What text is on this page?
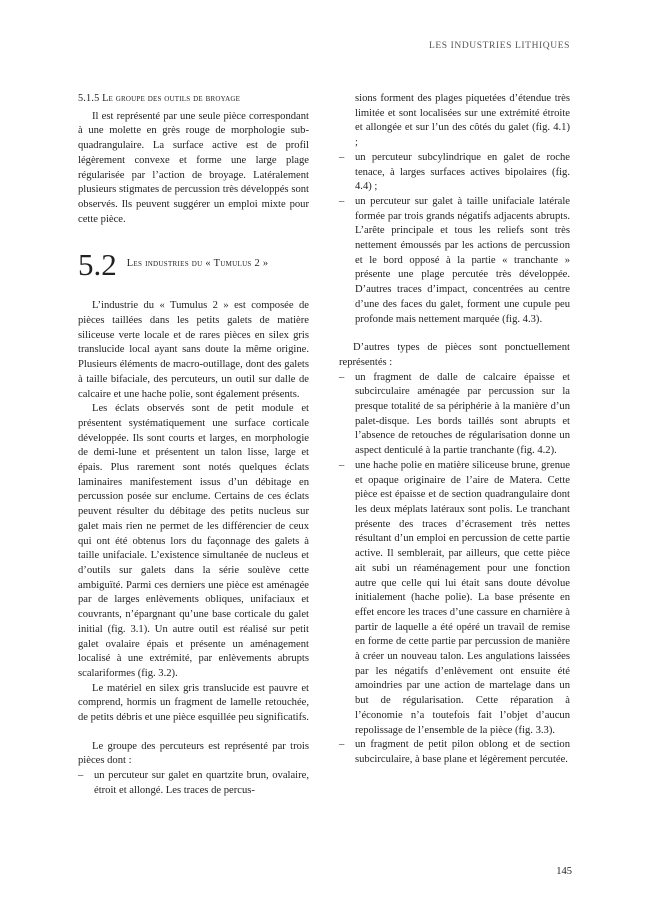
LES INDUSTRIES LITHIQUES

5.1.5 Le groupe des outils de broyage

Il est représenté par une seule pièce correspondant à une molette en grès rouge de morphologie sub-quadrangulaire. La surface active est de profil légèrement convexe et forme une large plage régularisée par l’action de broyage. Latéralement plusieurs stigmates de percussion très développés sont observés. Ils peuvent suggérer un emploi mixte pour cette pièce.

5.2 Les industries du « Tumulus 2 »

L’industrie du « Tumulus 2 » est composée de pièces taillées dans les petits galets de matière siliceuse verte locale et de rares pièces en silex gris translucide local ayant sans doute la même origine. Plusieurs éléments de macro-outillage, dont des galets à taille bifaciale, des percuteurs, un outil sur dalle de calcaire et une hache polie, sont également présents.

Les éclats observés sont de petit module et présentent systématiquement une surface corticale développée. Ils sont courts et larges, en morphologie de demi-lune et présentent un talon lisse, large et épais. Plus rarement sont notés quelques éclats laminaires manifestement issus d’un débitage en percussion posée sur enclume. Certains de ces éclats peuvent résulter du débitage des petits nucleus sur galet mais rien ne permet de les différencier de ceux qui ont été obtenus lors du façonnage des galets à taille unifaciale. L’existence simultanée de nucleus et d’outils sur galets dans la série soulève cette ambiguïté. Parmi ces derniers une pièce est aménagée par de larges enlèvements obliques, unifaciaux et couvrants, n’épargnant qu’une base corticale du galet initial (fig. 3.1). Un autre outil est réalisé sur petit galet ovalaire épais et présente un aménagement localisé à une extrémité, par enlèvements abrupts scalariformes (fig. 3.2).

Le matériel en silex gris translucide est pauvre et comprend, hormis un fragment de lamelle retouchée, de petits débris et une pièce esquillée peu significatifs.

Le groupe des percuteurs est représenté par trois pièces dont :

– un percuteur sur galet en quartzite brun, ovalaire, étroit et allongé. Les traces de percus-
sions forment des plages piquetées d’étendue très limitée et sont localisées sur une extrémité étroite et allongée et sur l’un des côtés du galet (fig. 4.1) ;
– un percuteur subcylindrique en galet de roche tenace, à larges surfaces actives bipolaires (fig. 4.4) ;
– un percuteur sur galet à taille unifaciale latérale formée par trois grands négatifs adjacents abrupts. L’arête principale et tous les reliefs sont très nettement émoussés par les actions de percussion et le bord opposé à la partie « tranchante » présente une plage percutée très développée. D’autres traces d’impact, concentrées au centre d’une des faces du galet, forment une cupule peu profonde mais nettement marquée (fig. 4.3).

D’autres types de pièces sont ponctuellement représentés :

– un fragment de dalle de calcaire épaisse et subcirculaire aménagée par percussion sur la presque totalité de sa périphérie à la manière d’un palet-disque. Les bords taillés sont abrupts et l’absence de retouches de régularisation donne un aspect denticulé à la partie tranchante (fig. 4.2).
– une hache polie en matière siliceuse brune, grenue et opaque originaire de l’aire de Matera. Cette pièce est épaisse et de section quadrangulaire dont les deux méplats latéraux sont polis. Le tranchant présente des traces d’écrasement très nettes résultant d’un emploi en percussion de cette partie active. Il semblerait, par ailleurs, que cette pièce ait subi un réaménagement pour une fonction autre que celle qui lui était sans doute dévolue initialement (hache polie). La base présente en effet encore les traces d’une cassure en charnière à partir de laquelle a été opéré un travail de remise en forme de cette partie par percussion de manière à créer un nouveau talon. Les angulations laissées par les négatifs d’enlèvement ont ensuite été amoindries par une action de martelage dans un but de régularisation. Cette réparation à l’économie n’a toutefois fait l’objet d’aucun repolissage de l’ensemble de la pièce (fig. 3.3).
– un fragment de petit pilon oblong et de section subcirculaire, à base plane et légèrement percutée.
145
